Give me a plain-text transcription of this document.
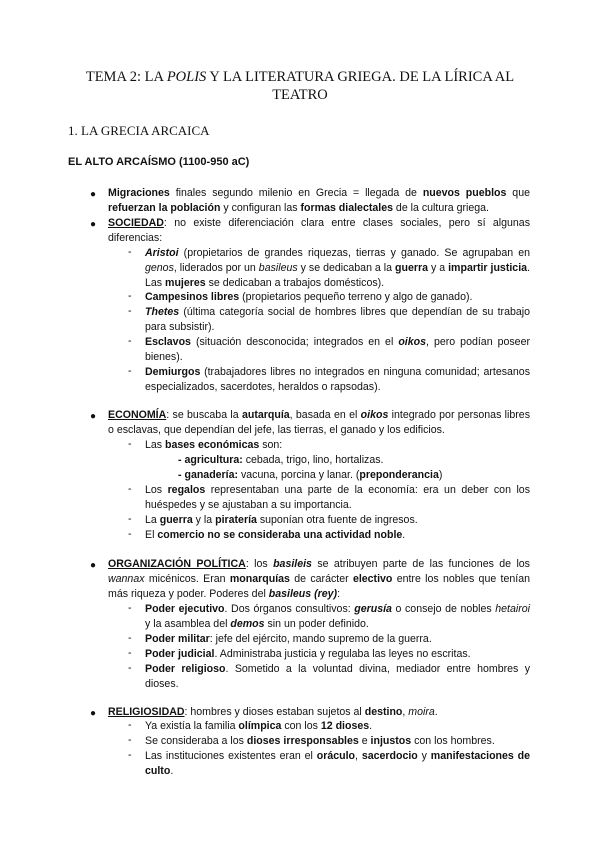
TEMA 2: LA POLIS Y LA LITERATURA GRIEGA. DE LA LÍRICA AL TEATRO
1. LA GRECIA ARCAICA
EL ALTO ARCAÍSMO (1100-950 aC)
● Migraciones finales segundo milenio en Grecia = llegada de nuevos pueblos que refuerzan la población y configuran las formas dialectales de la cultura griega.
● SOCIEDAD: no existe diferenciación clara entre clases sociales, pero sí algunas diferencias:
- Aristoi (propietarios de grandes riquezas, tierras y ganado. Se agrupaban en genos, liderados por un basileus y se dedicaban a la guerra y a impartir justicia. Las mujeres se dedicaban a trabajos domésticos).
- Campesinos libres (propietarios pequeño terreno y algo de ganado).
- Thetes (última categoría social de hombres libres que dependían de su trabajo para subsistir).
- Esclavos (situación desconocida; integrados en el oikos, pero podían poseer bienes).
- Demiurgos (trabajadores libres no integrados en ninguna comunidad; artesanos especializados, sacerdotes, heraldos o rapsodas).
● ECONOMÍA: se buscaba la autarquía, basada en el oikos integrado por personas libres o esclavas, que dependían del jefe, las tierras, el ganado y los edificios.
- Las bases económicas son:
- agricultura: cebada, trigo, lino, hortalizas.
- ganadería: vacuna, porcina y lanar. (preponderancia)
- Los regalos representaban una parte de la economía: era un deber con los huéspedes y se ajustaban a su importancia.
- La guerra y la piratería suponían otra fuente de ingresos.
- El comercio no se consideraba una actividad noble.
● ORGANIZACIÓN POLÍTICA: los basileis se atribuyen parte de las funciones de los wannax micénicos. Eran monarquías de carácter electivo entre los nobles que tenían más riqueza y poder. Poderes del basileus (rey):
- Poder ejecutivo. Dos órganos consultivos: gerusía o consejo de nobles hetairoi y la asamblea del demos sin un poder definido.
- Poder militar: jefe del ejército, mando supremo de la guerra.
- Poder judicial. Administraba justicia y regulaba las leyes no escritas.
- Poder religioso. Sometido a la voluntad divina, mediador entre hombres y dioses.
● RELIGIOSIDAD: hombres y dioses estaban sujetos al destino, moira.
- Ya existía la familia olímpica con los 12 dioses.
- Se consideraba a los dioses irresponsables e injustos con los hombres.
- Las instituciones existentes eran el oráculo, sacerdocio y manifestaciones de culto.
